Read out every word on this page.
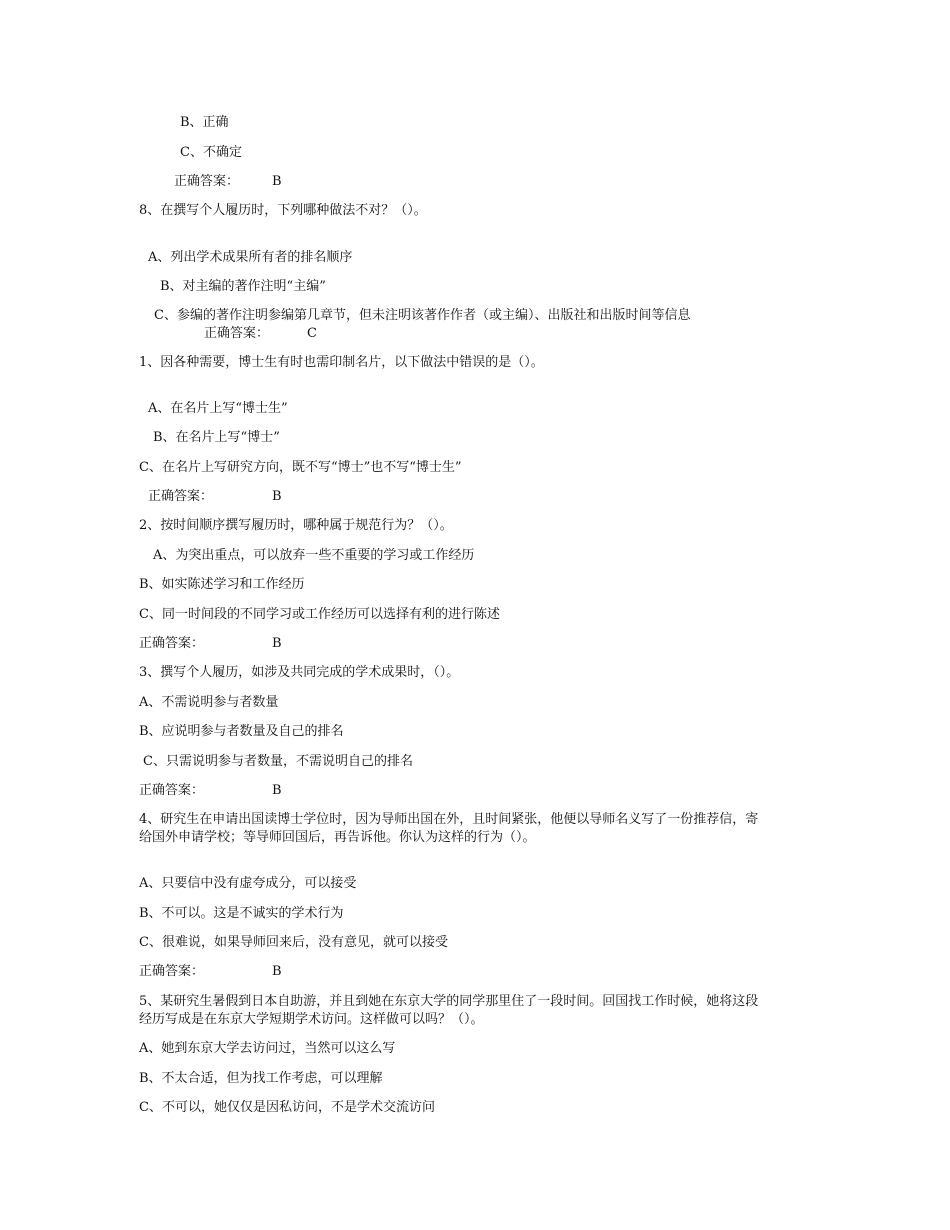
B、正确
C、不确定
正确答案：	B
8、在撰写个人履历时，下列哪种做法不对？（）。
A、列出学术成果所有者的排名顺序
B、对主编的著作注明“主编”
C、参编的著作注明参编第几章节，但未注明该著作作者（或主编）、出版社和出版时间等信息
正确答案：	C
1、因各种需要，博士生有时也需印制名片，以下做法中错误的是（）。
A、在名片上写“博士生”
B、在名片上写“博士”
C、在名片上写研究方向，既不写“博士”也不写“博士生”
正确答案：	B
2、按时间顺序撰写履历时，哪种属于规范行为？（）。
A、为突出重点，可以放弃一些不重要的学习或工作经历
B、如实陈述学习和工作经历
C、同一时间段的不同学习或工作经历可以选择有利的进行陈述
正确答案：	B
3、撰写个人履历，如涉及共同完成的学术成果时，（）。
A、不需说明参与者数量
B、应说明参与者数量及自己的排名
C、只需说明参与者数量，不需说明自己的排名
正确答案：	B
4、研究生在申请出国读博士学位时，因为导师出国在外，且时间紧张，他便以导师名义写了一份推荐信，寄
给国外申请学校；等导师回国后，再告诉他。你认为这样的行为（）。
A、只要信中没有虚夸成分，可以接受
B、不可以。这是不诚实的学术行为
C、很难说，如果导师回来后，没有意见，就可以接受
正确答案：	B
5、某研究生暑假到日本自助游，并且到她在东京大学的同学那里住了一段时间。回国找工作时候，她将这段
经历写成是在东京大学短期学术访问。这样做可以吗？（）。
A、她到东京大学去访问过，当然可以这么写
B、不太合适，但为找工作考虑，可以理解
C、不可以，她仅仅是因私访问，不是学术交流访问
